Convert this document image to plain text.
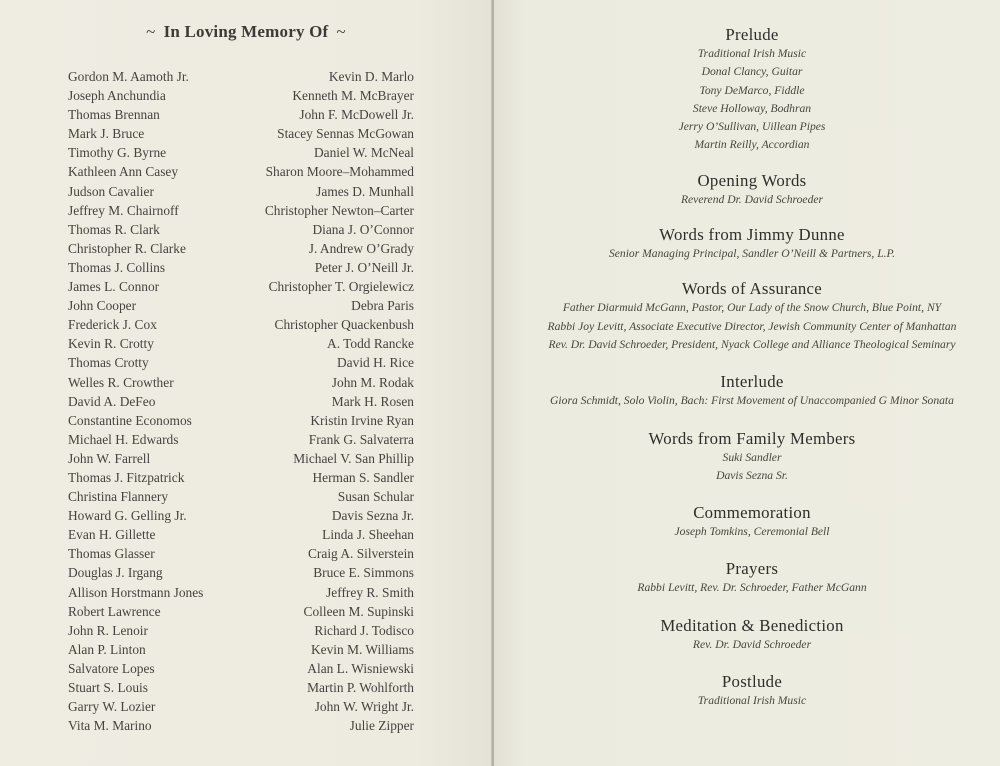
~ In Loving Memory Of ~
Gordon M. Aamoth Jr.
Joseph Anchundia
Thomas Brennan
Mark J. Bruce
Timothy G. Byrne
Kathleen Ann Casey
Judson Cavalier
Jeffrey M. Chairnoff
Thomas R. Clark
Christopher R. Clarke
Thomas J. Collins
James L. Connor
John Cooper
Frederick J. Cox
Kevin R. Crotty
Thomas Crotty
Welles R. Crowther
David A. DeFeo
Constantine Economos
Michael H. Edwards
John W. Farrell
Thomas J. Fitzpatrick
Christina Flannery
Howard G. Gelling Jr.
Evan H. Gillette
Thomas Glasser
Douglas J. Irgang
Allison Horstmann Jones
Robert Lawrence
John R. Lenoir
Alan P. Linton
Salvatore Lopes
Stuart S. Louis
Garry W. Lozier
Vita M. Marino
Kevin D. Marlo
Kenneth M. McBrayer
John F. McDowell Jr.
Stacey Sennas McGowan
Daniel W. McNeal
Sharon Moore–Mohammed
James D. Munhall
Christopher Newton–Carter
Diana J. O’Connor
J. Andrew O’Grady
Peter J. O’Neill Jr.
Christopher T. Orgielewicz
Debra Paris
Christopher Quackenbush
A. Todd Rancke
David H. Rice
John M. Rodak
Mark H. Rosen
Kristin Irvine Ryan
Frank G. Salvaterra
Michael V. San Phillip
Herman S. Sandler
Susan Schular
Davis Sezna Jr.
Linda J. Sheehan
Craig A. Silverstein
Bruce E. Simmons
Jeffrey R. Smith
Colleen M. Supinski
Richard J. Todisco
Kevin M. Williams
Alan L. Wisniewski
Martin P. Wohlforth
John W. Wright Jr.
Julie Zipper
Prelude
Traditional Irish Music
Donal Clancy, Guitar
Tony DeMarco, Fiddle
Steve Holloway, Bodhran
Jerry O’Sullivan, Uillean Pipes
Martin Reilly, Accordian
Opening Words
Reverend Dr. David Schroeder
Words from Jimmy Dunne
Senior Managing Principal, Sandler O’Neill & Partners, L.P.
Words of Assurance
Father Diarmuid McGann, Pastor, Our Lady of the Snow Church, Blue Point, NY
Rabbi Joy Levitt, Associate Executive Director, Jewish Community Center of Manhattan
Rev. Dr. David Schroeder, President, Nyack College and Alliance Theological Seminary
Interlude
Giora Schmidt, Solo Violin, Bach: First Movement of Unaccompanied G Minor Sonata
Words from Family Members
Suki Sandler
Davis Sezna Sr.
Commemoration
Joseph Tomkins, Ceremonial Bell
Prayers
Rabbi Levitt, Rev. Dr. Schroeder, Father McGann
Meditation & Benediction
Rev. Dr. David Schroeder
Postlude
Traditional Irish Music
